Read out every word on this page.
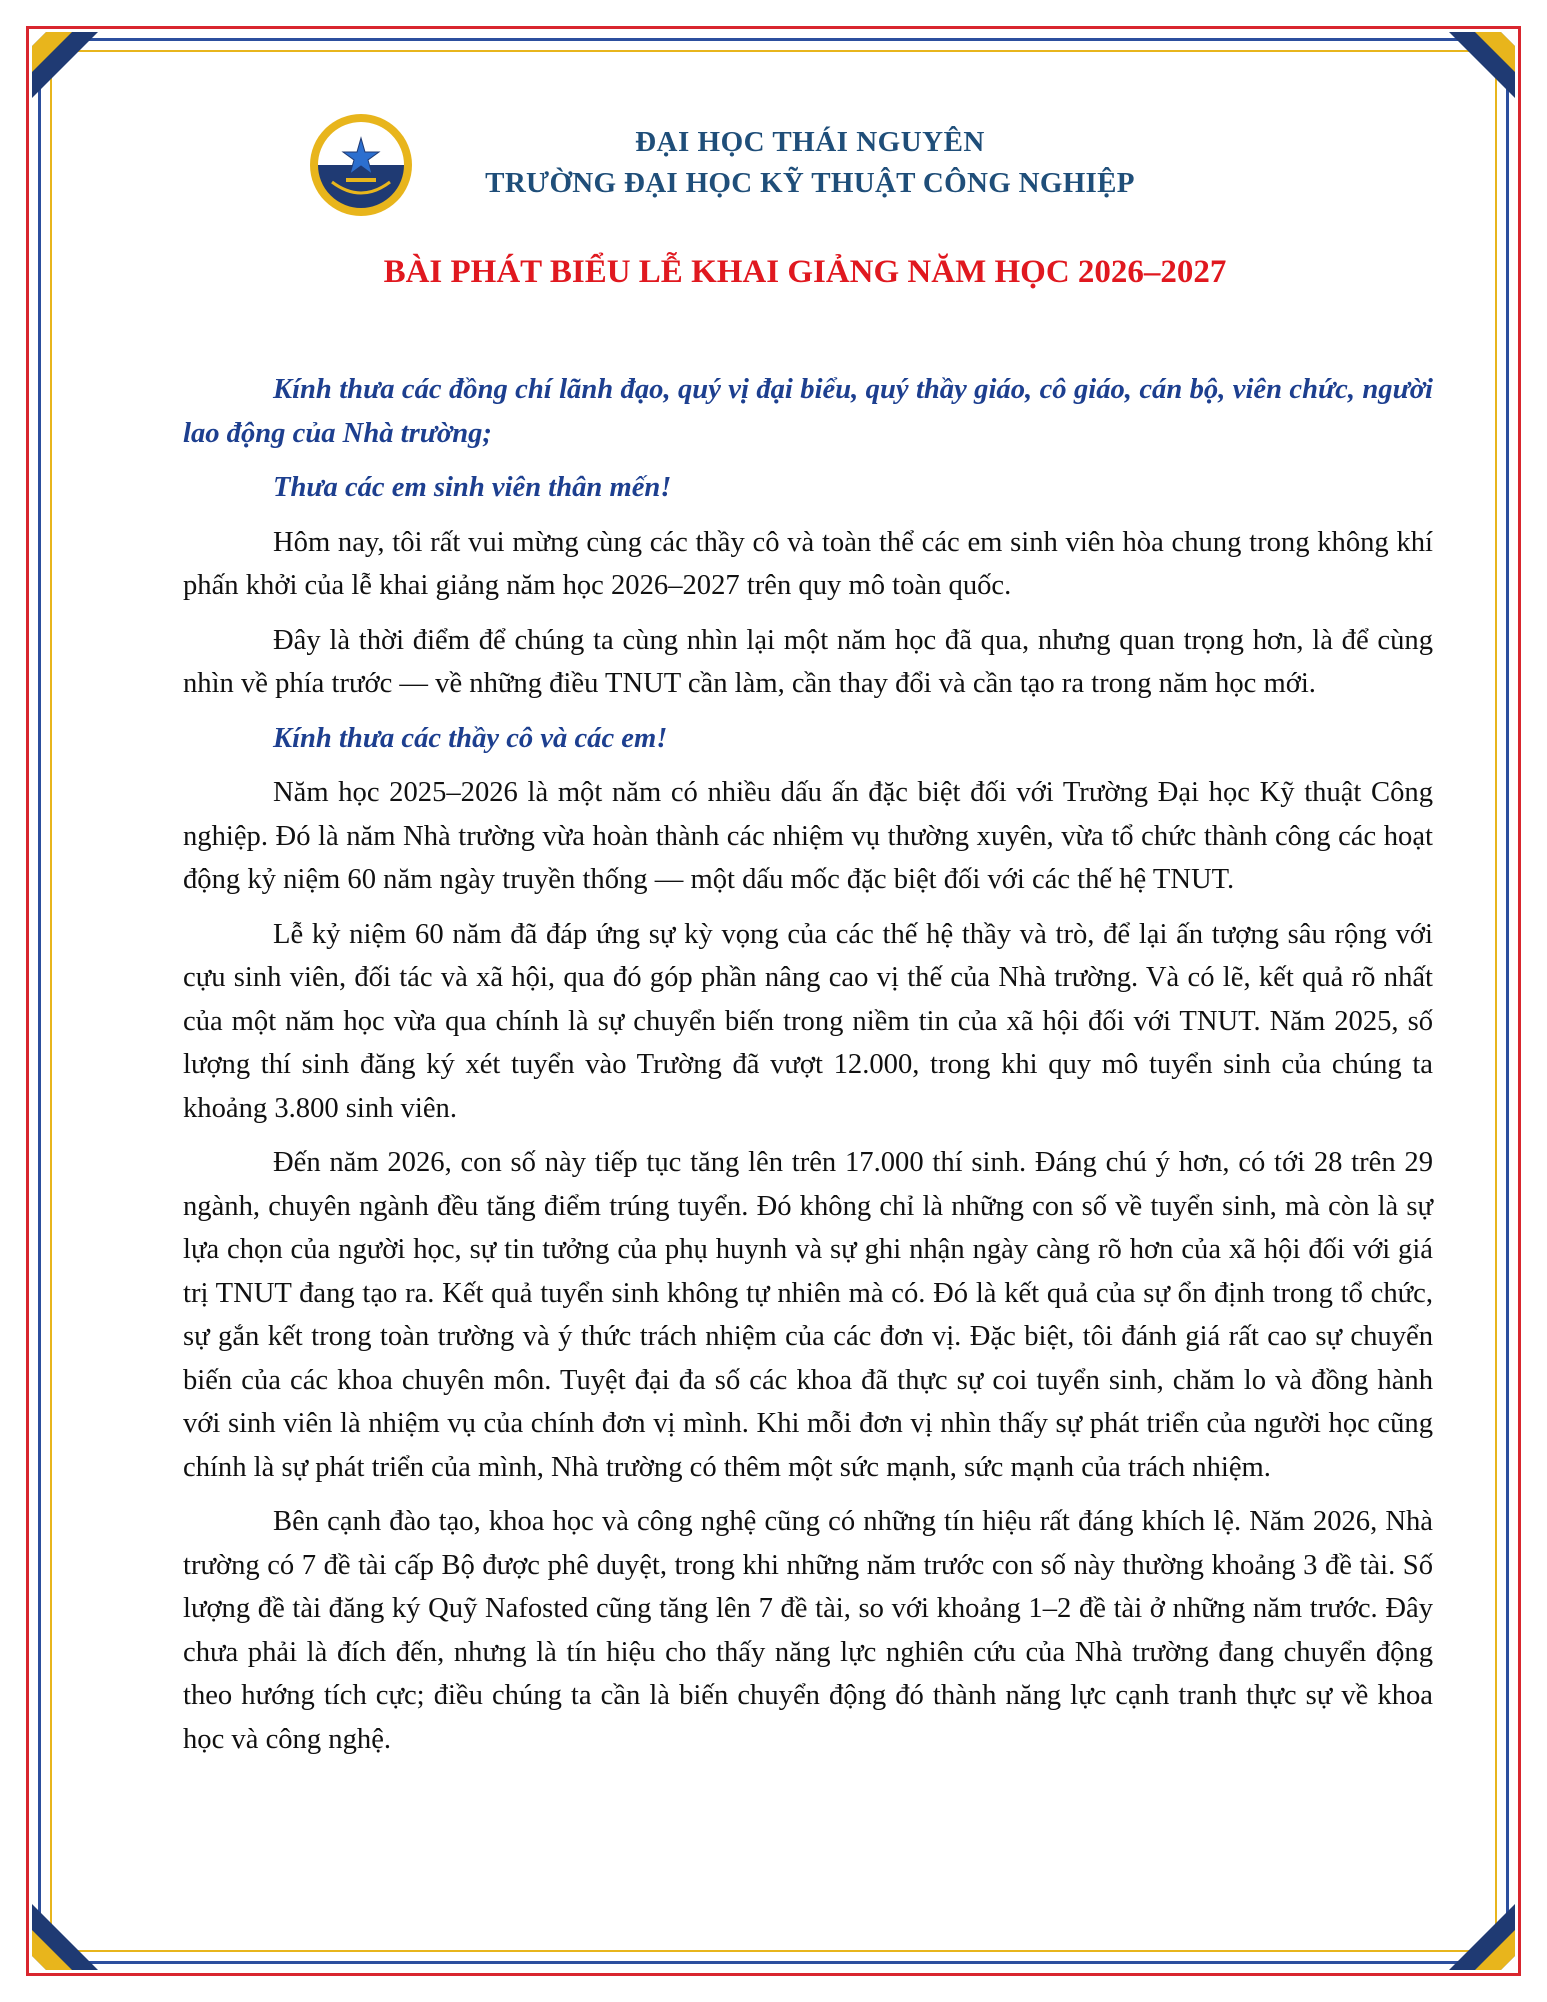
ĐẠI HỌC THÁI NGUYÊN
TRƯỜNG ĐẠI HỌC KỸ THUẬT CÔNG NGHIỆP
BÀI PHÁT BIỂU LỄ KHAI GIẢNG NĂM HỌC 2026–2027

Kính thưa các đồng chí lãnh đạo, quý vị đại biểu, quý thầy giáo, cô giáo, cán bộ, viên chức, người lao động của Nhà trường;

Thưa các em sinh viên thân mến!

Hôm nay, tôi rất vui mừng cùng các thầy cô và toàn thể các em sinh viên hòa chung trong không khí phấn khởi của lễ khai giảng năm học 2026–2027 trên quy mô toàn quốc.

Đây là thời điểm để chúng ta cùng nhìn lại một năm học đã qua, nhưng quan trọng hơn, là để cùng nhìn về phía trước — về những điều TNUT cần làm, cần thay đổi và cần tạo ra trong năm học mới.

Kính thưa các thầy cô và các em!

Năm học 2025–2026 là một năm có nhiều dấu ấn đặc biệt đối với Trường Đại học Kỹ thuật Công nghiệp. Đó là năm Nhà trường vừa hoàn thành các nhiệm vụ thường xuyên, vừa tổ chức thành công các hoạt động kỷ niệm 60 năm ngày truyền thống — một dấu mốc đặc biệt đối với các thế hệ TNUT.

Lễ kỷ niệm 60 năm đã đáp ứng sự kỳ vọng của các thế hệ thầy và trò, để lại ấn tượng sâu rộng với cựu sinh viên, đối tác và xã hội, qua đó góp phần nâng cao vị thế của Nhà trường. Và có lẽ, kết quả rõ nhất của một năm học vừa qua chính là sự chuyển biến trong niềm tin của xã hội đối với TNUT. Năm 2025, số lượng thí sinh đăng ký xét tuyển vào Trường đã vượt 12.000, trong khi quy mô tuyển sinh của chúng ta khoảng 3.800 sinh viên.

Đến năm 2026, con số này tiếp tục tăng lên trên 17.000 thí sinh. Đáng chú ý hơn, có tới 28 trên 29 ngành, chuyên ngành đều tăng điểm trúng tuyển. Đó không chỉ là những con số về tuyển sinh, mà còn là sự lựa chọn của người học, sự tin tưởng của phụ huynh và sự ghi nhận ngày càng rõ hơn của xã hội đối với giá trị TNUT đang tạo ra. Kết quả tuyển sinh không tự nhiên mà có. Đó là kết quả của sự ổn định trong tổ chức, sự gắn kết trong toàn trường và ý thức trách nhiệm của các đơn vị. Đặc biệt, tôi đánh giá rất cao sự chuyển biến của các khoa chuyên môn. Tuyệt đại đa số các khoa đã thực sự coi tuyển sinh, chăm lo và đồng hành với sinh viên là nhiệm vụ của chính đơn vị mình. Khi mỗi đơn vị nhìn thấy sự phát triển của người học cũng chính là sự phát triển của mình, Nhà trường có thêm một sức mạnh, sức mạnh của trách nhiệm.

Bên cạnh đào tạo, khoa học và công nghệ cũng có những tín hiệu rất đáng khích lệ. Năm 2026, Nhà trường có 7 đề tài cấp Bộ được phê duyệt, trong khi những năm trước con số này thường khoảng 3 đề tài. Số lượng đề tài đăng ký Quỹ Nafosted cũng tăng lên 7 đề tài, so với khoảng 1–2 đề tài ở những năm trước. Đây chưa phải là đích đến, nhưng là tín hiệu cho thấy năng lực nghiên cứu của Nhà trường đang chuyển động theo hướng tích cực; điều chúng ta cần là biến chuyển động đó thành năng lực cạnh tranh thực sự về khoa học và công nghệ.
